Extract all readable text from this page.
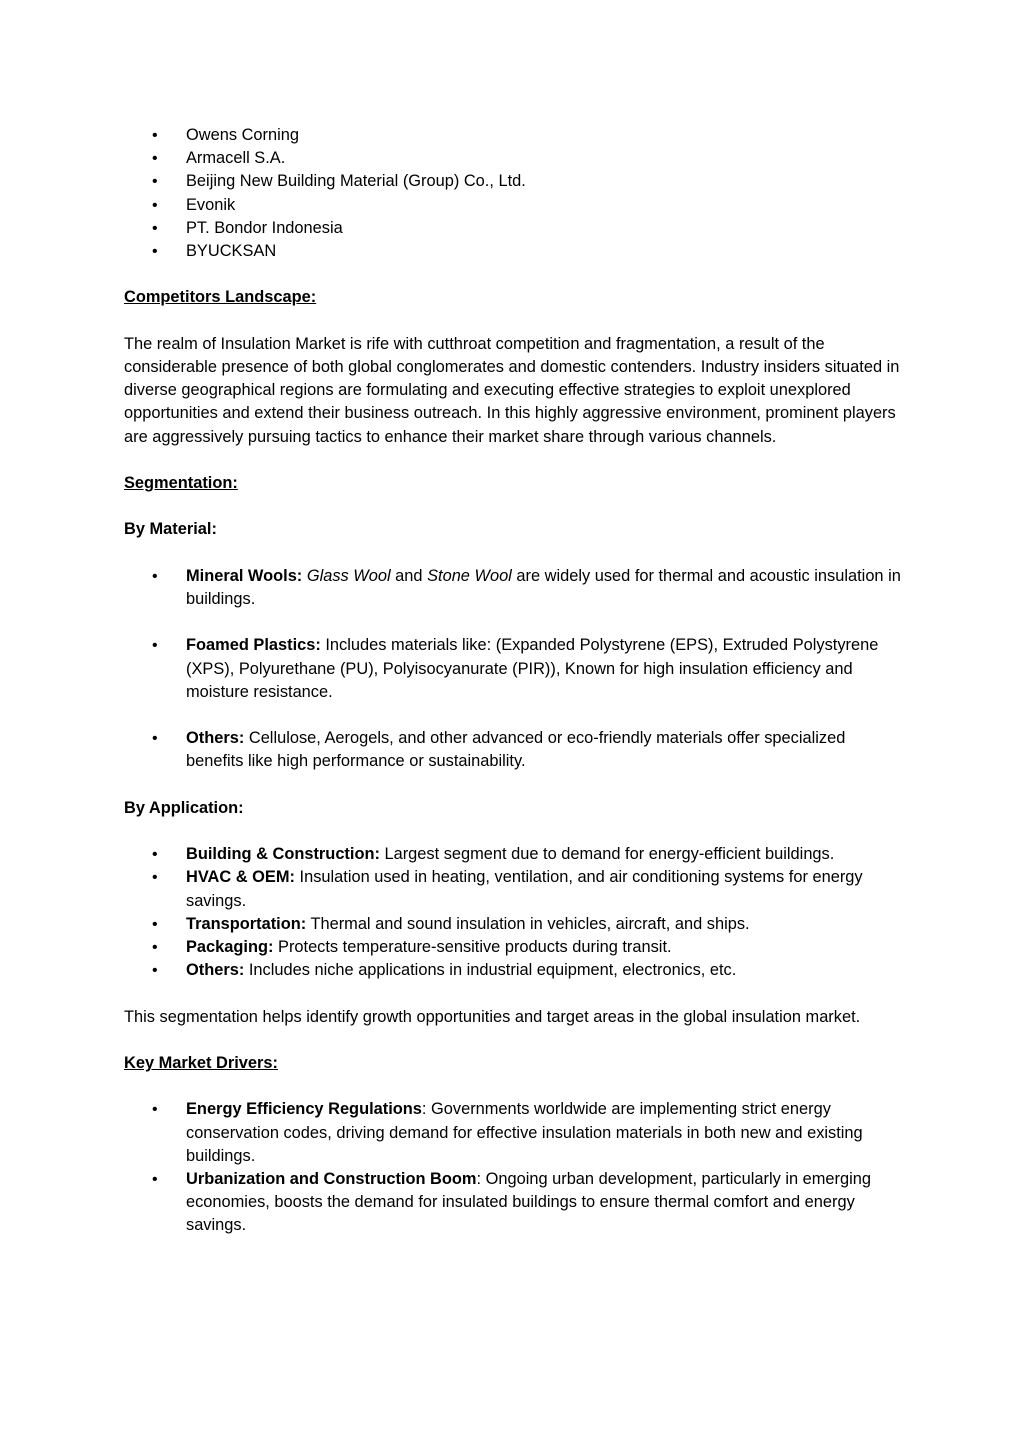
• Owens Corning
• Armacell S.A.
• Beijing New Building Material (Group) Co., Ltd.
• Evonik
• PT. Bondor Indonesia
• BYUCKSAN

Competitors Landscape:

The realm of Insulation Market is rife with cutthroat competition and fragmentation, a result of the considerable presence of both global conglomerates and domestic contenders. Industry insiders situated in diverse geographical regions are formulating and executing effective strategies to exploit unexplored opportunities and extend their business outreach. In this highly aggressive environment, prominent players are aggressively pursuing tactics to enhance their market share through various channels.

Segmentation:

By Material:

• Mineral Wools: Glass Wool and Stone Wool are widely used for thermal and acoustic insulation in buildings.
• Foamed Plastics: Includes materials like: (Expanded Polystyrene (EPS), Extruded Polystyrene (XPS), Polyurethane (PU), Polyisocyanurate (PIR)), Known for high insulation efficiency and moisture resistance.
• Others: Cellulose, Aerogels, and other advanced or eco-friendly materials offer specialized benefits like high performance or sustainability.

By Application:

• Building & Construction: Largest segment due to demand for energy-efficient buildings.
• HVAC & OEM: Insulation used in heating, ventilation, and air conditioning systems for energy savings.
• Transportation: Thermal and sound insulation in vehicles, aircraft, and ships.
• Packaging: Protects temperature-sensitive products during transit.
• Others: Includes niche applications in industrial equipment, electronics, etc.

This segmentation helps identify growth opportunities and target areas in the global insulation market.

Key Market Drivers:

• Energy Efficiency Regulations: Governments worldwide are implementing strict energy conservation codes, driving demand for effective insulation materials in both new and existing buildings.
• Urbanization and Construction Boom: Ongoing urban development, particularly in emerging economies, boosts the demand for insulated buildings to ensure thermal comfort and energy savings.
